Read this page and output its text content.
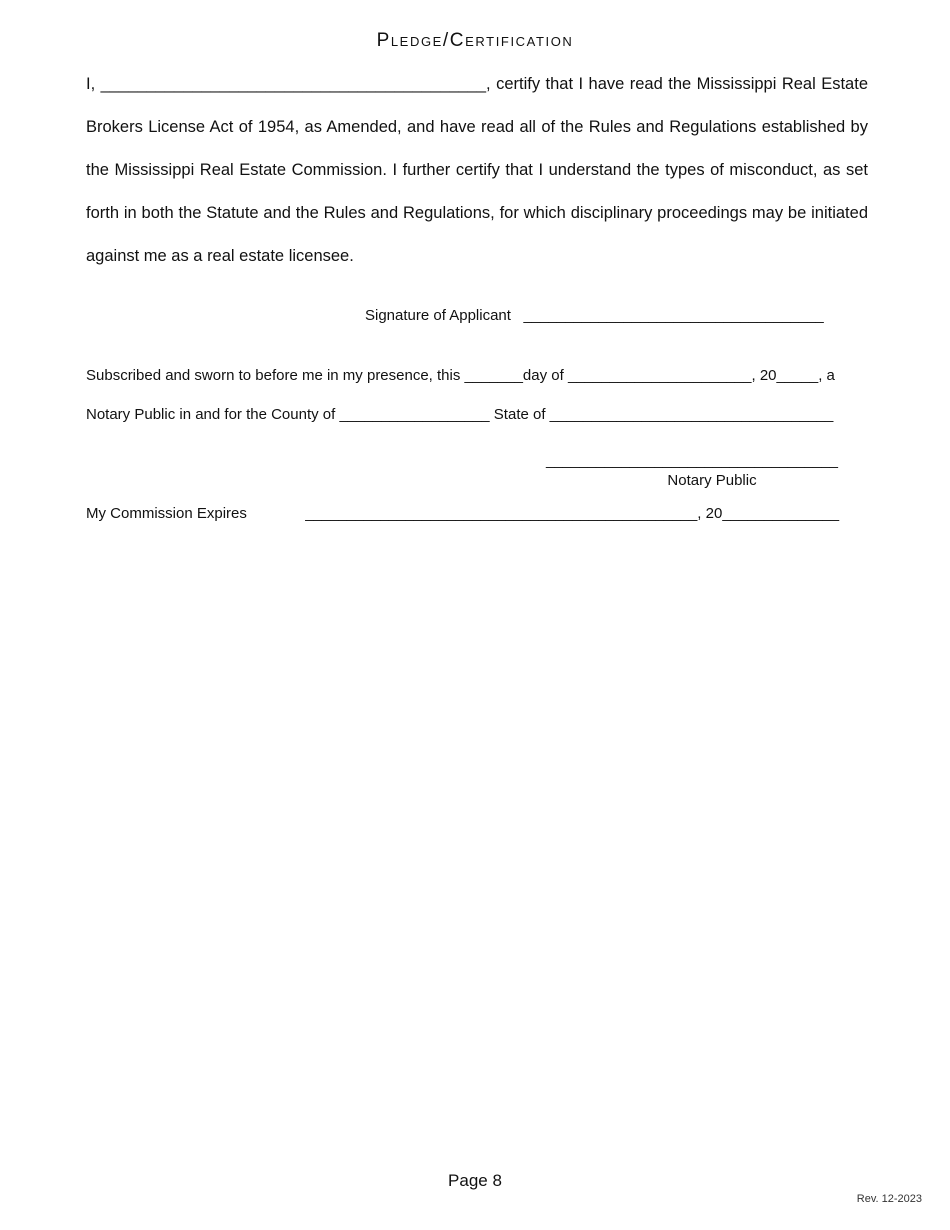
Pledge/Certification

I, __________________________________________, certify that I have read the Mississippi Real Estate Brokers License Act of 1954, as Amended, and have read all of the Rules and Regulations established by the Mississippi Real Estate Commission. I further certify that I understand the types of misconduct, as set forth in both the Statute and the Rules and Regulations, for which disciplinary proceedings may be initiated against me as a real estate licensee.

Signature of Applicant ____________________________________
Subscribed and sworn to before me in my presence, this _______day of ______________________, 20_____, a
Notary Public in and for the County of __________________ State of __________________________________
___________________________________
Notary Public
My Commission Expires	_______________________________________________, 20______________
Page 8
Rev. 12-2023
